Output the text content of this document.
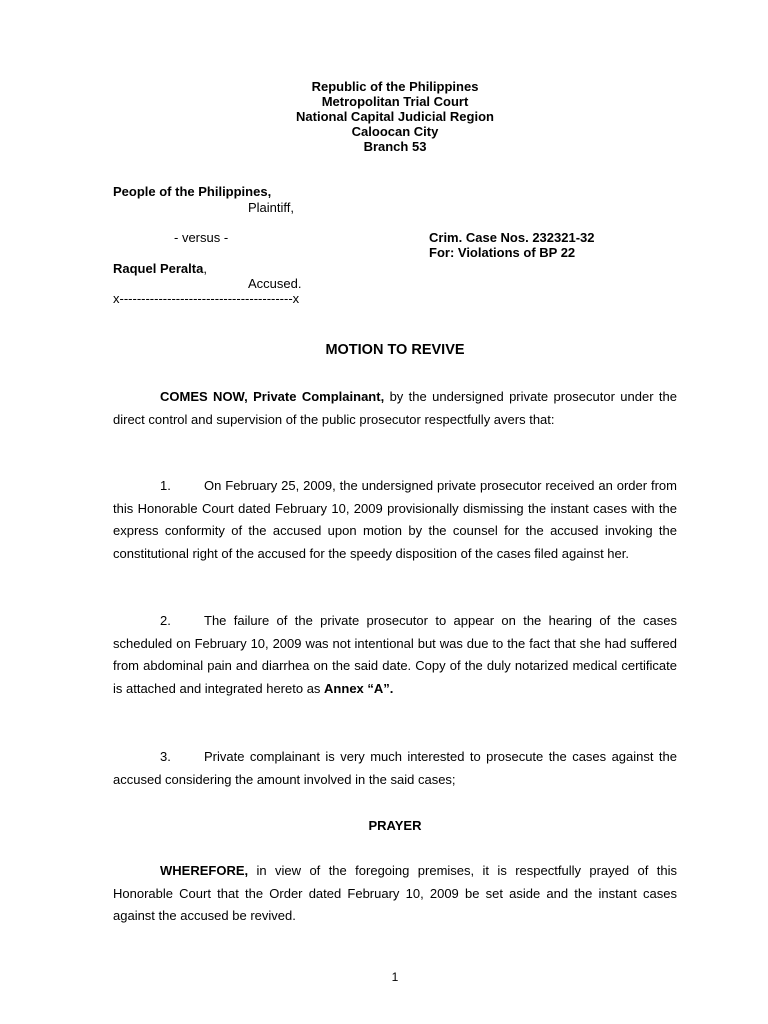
Republic of the Philippines
Metropolitan Trial Court
National Capital Judicial Region
Caloocan City
Branch 53
People of the Philippines,
Plaintiff,
- versus -	Crim. Case Nos. 232321-32
For: Violations of BP 22
Raquel Peralta,
Accused.
x----------------------------------------x
MOTION TO REVIVE
COMES NOW, Private Complainant, by the undersigned private prosecutor under the direct control and supervision of the public prosecutor respectfully avers that:
1.	On February 25, 2009, the undersigned private prosecutor received an order from this Honorable Court dated February 10, 2009 provisionally dismissing the instant cases with the express conformity of the accused upon motion by the counsel for the accused invoking the constitutional right of the accused for the speedy disposition of the cases filed against her.
2.	The failure of the private prosecutor to appear on the hearing of the cases scheduled on February 10, 2009 was not intentional but was due to the fact that she had suffered from abdominal pain and diarrhea on the said date. Copy of the duly notarized medical certificate is attached and integrated hereto as Annex “A”.
3.	Private complainant is very much interested to prosecute the cases against the accused considering the amount involved in the said cases;
PRAYER
WHEREFORE, in view of the foregoing premises, it is respectfully prayed of this Honorable Court that the Order dated February 10, 2009 be set aside and the instant cases against the accused be revived.
1
